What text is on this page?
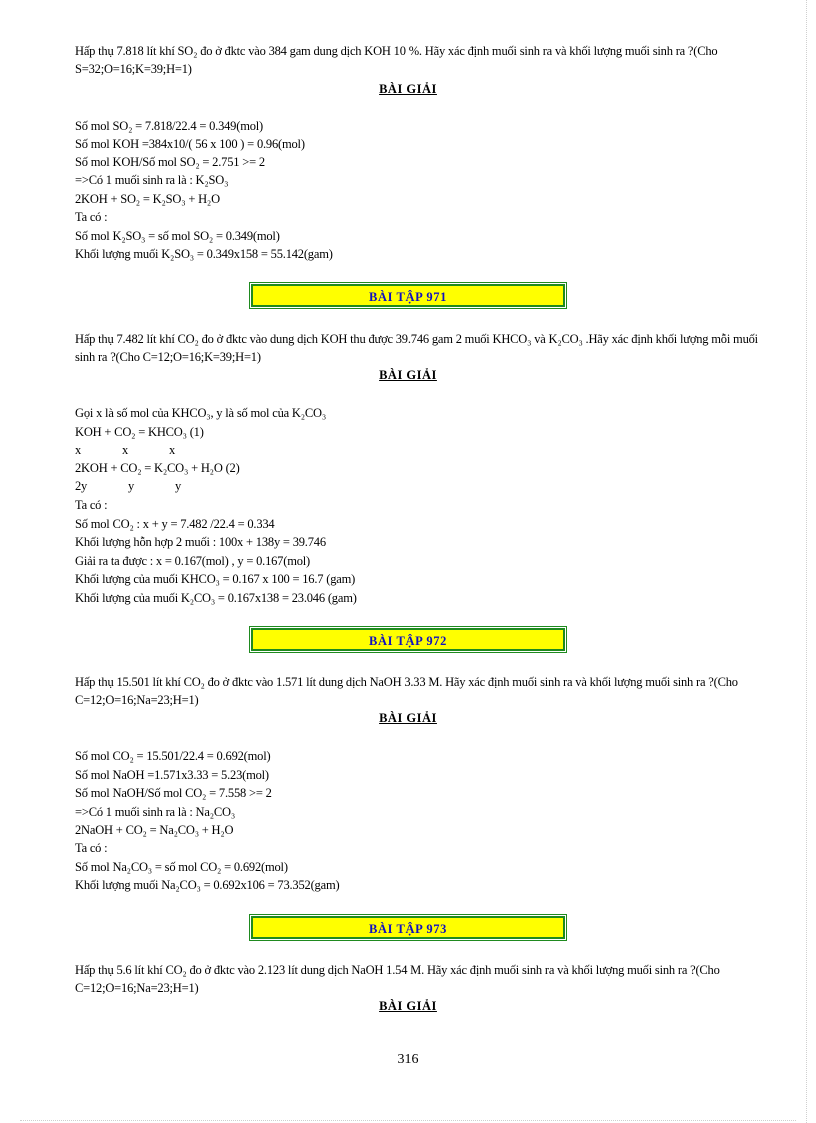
Hấp thụ 7.818 lít khí SO₂ đo ở đktc vào 384 gam dung dịch KOH 10 %. Hãy xác định muối sinh ra và khối lượng muối sinh ra ?(Cho S=32;O=16;K=39;H=1)
BÀI GIẢI
Số mol SO₂ = 7.818/22.4 = 0.349(mol)
Số mol KOH =384x10/( 56 x 100 ) = 0.96(mol)
Số mol KOH/Số mol SO₂ = 2.751 >= 2
=>Có 1 muối sinh ra là : K₂SO₃
2KOH + SO₂ = K₂SO₃ + H₂O
Ta có :
Số mol K₂SO₃ = số mol SO₂ = 0.349(mol)
Khối lượng muối K₂SO₃ = 0.349x158 = 55.142(gam)
BÀI TẬP 971
Hấp thụ 7.482 lít khí CO₂ đo ở đktc vào dung dịch KOH thu được 39.746 gam 2 muối KHCO₃ và K₂CO₃ .Hãy xác định khối lượng mỗi muối sinh ra ?(Cho C=12;O=16;K=39;H=1)
BÀI GIẢI
Gọi x là số mol của KHCO₃, y là số mol của K₂CO₃
KOH + CO₂ = KHCO₃ (1)
x              x              x
2KOH + CO₂ = K₂CO₃ + H₂O (2)
2y              y              y
Ta có :
Số mol CO₂ : x + y = 7.482 /22.4 = 0.334
Khối lượng hỗn hợp 2 muối : 100x + 138y = 39.746
Giải ra ta được : x = 0.167(mol) , y = 0.167(mol)
Khối lượng của muối KHCO₃ = 0.167 x 100 = 16.7 (gam)
Khối lượng của muối K₂CO₃ = 0.167x138 = 23.046 (gam)
BÀI TẬP 972
Hấp thụ 15.501 lít khí CO₂ đo ở đktc vào 1.571 lít dung dịch NaOH 3.33 M. Hãy xác định muối sinh ra và khối lượng muối sinh ra ?(Cho C=12;O=16;Na=23;H=1)
BÀI GIẢI
Số mol CO₂ = 15.501/22.4 = 0.692(mol)
Số mol NaOH =1.571x3.33 = 5.23(mol)
Số mol NaOH/Số mol CO₂ = 7.558 >= 2
=>Có 1 muối sinh ra là : Na₂CO₃
2NaOH + CO₂ = Na₂CO₃ + H₂O
Ta có :
Số mol Na₂CO₃ = số mol CO₂ = 0.692(mol)
Khối lượng muối Na₂CO₃ = 0.692x106 = 73.352(gam)
BÀI TẬP 973
Hấp thụ 5.6 lít khí CO₂ đo ở đktc vào 2.123 lít dung dịch NaOH 1.54 M. Hãy xác định muối sinh ra và khối lượng muối sinh ra ?(Cho C=12;O=16;Na=23;H=1)
BÀI GIẢI
316
